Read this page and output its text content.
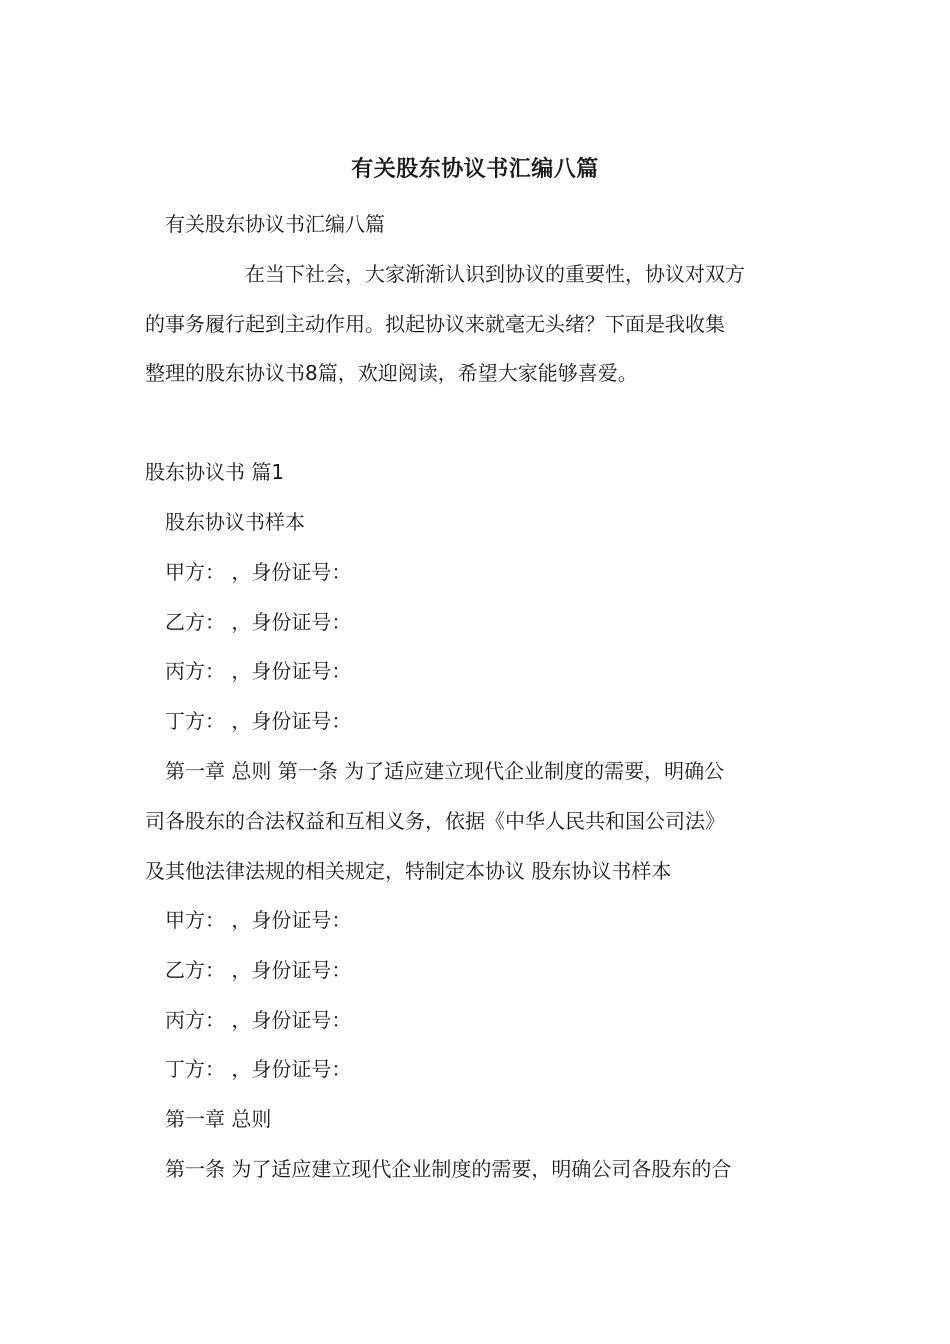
有关股东协议书汇编八篇
有关股东协议书汇编八篇
在当下社会，大家渐渐认识到协议的重要性，协议对双方
的事务履行起到主动作用。拟起协议来就毫无头绪？下面是我收集
整理的股东协议书8篇，欢迎阅读，希望大家能够喜爱。
股东协议书 篇1
股东协议书样本
甲方： ，身份证号：
乙方： ，身份证号：
丙方： ，身份证号：
丁方： ，身份证号：
第一章 总则 第一条 为了适应建立现代企业制度的需要，明确公
司各股东的合法权益和互相义务，依据《中华人民共和国公司法》
及其他法律法规的相关规定，特制定本协议 股东协议书样本
甲方： ，身份证号：
乙方： ，身份证号：
丙方： ，身份证号：
丁方： ，身份证号：
第一章 总则
第一条 为了适应建立现代企业制度的需要，明确公司各股东的合
